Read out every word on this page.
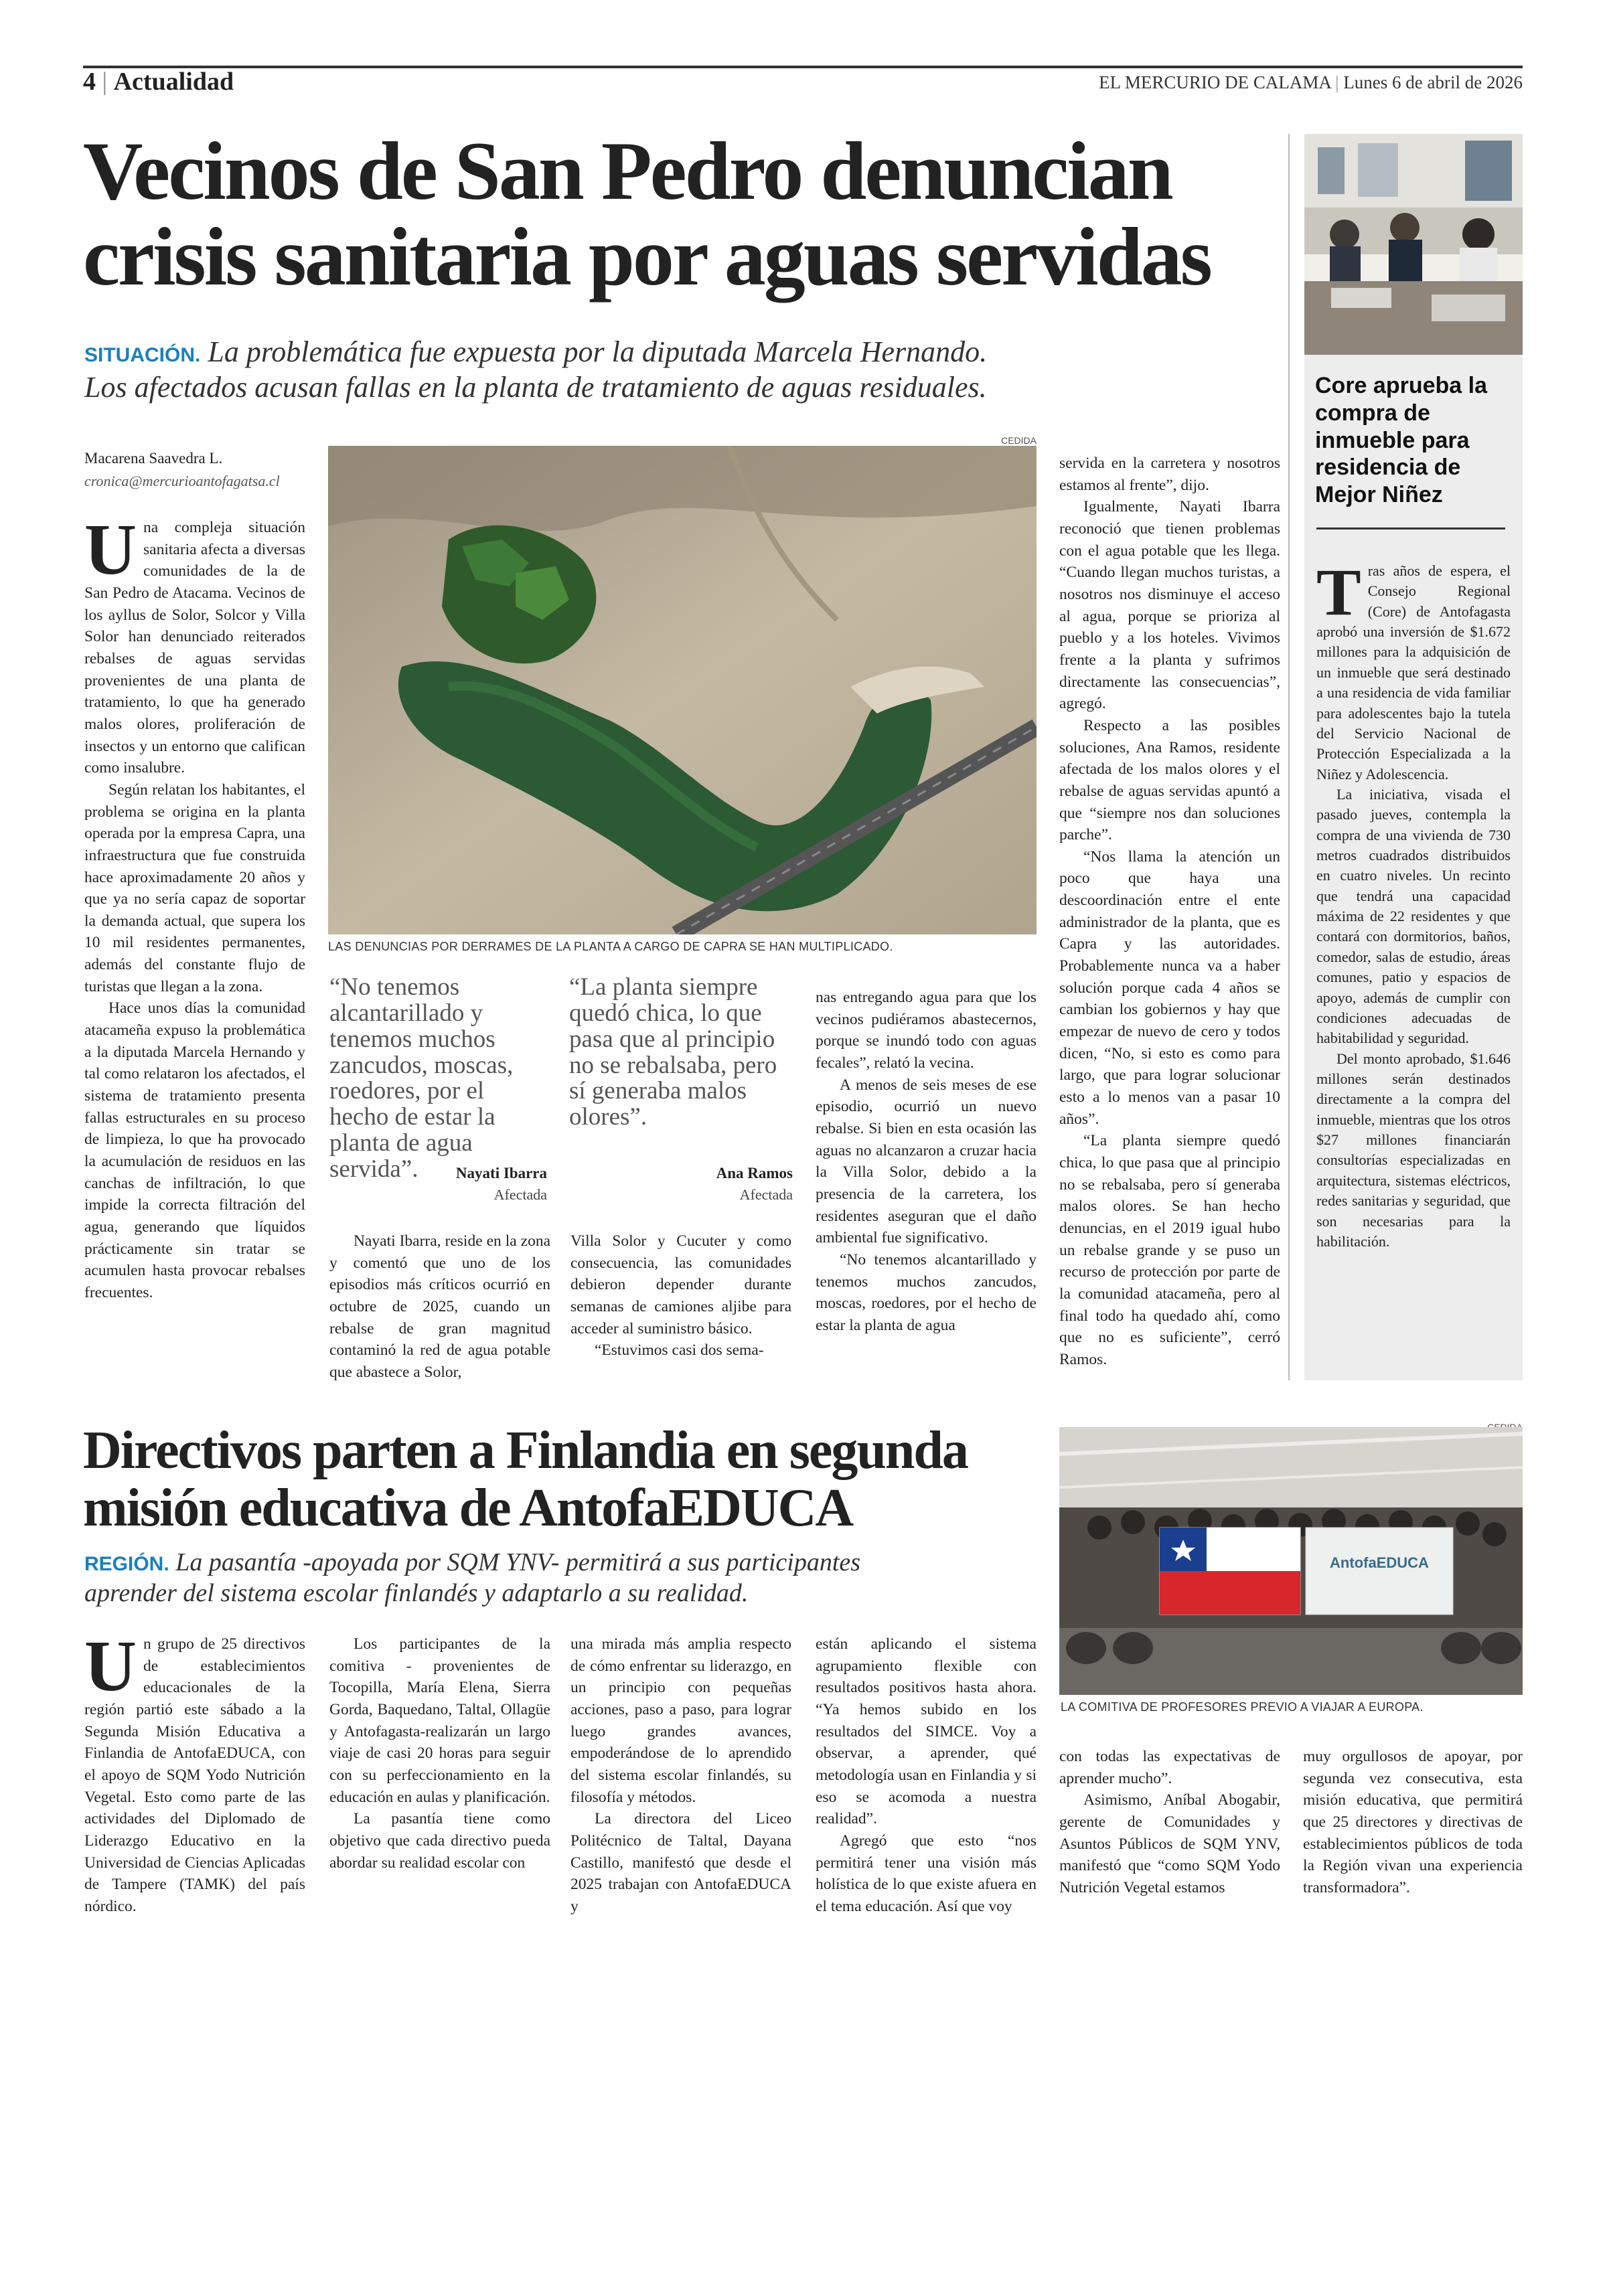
4 | Actualidad	EL MERCURIO DE CALAMA | Lunes 6 de abril de 2026
Vecinos de San Pedro denuncian
crisis sanitaria por aguas servidas
SITUACIÓN. La problemática fue expuesta por la diputada Marcela Hernando.
Los afectados acusan fallas en la planta de tratamiento de aguas residuales.
Macarena Saavedra L.
cronica@mercurioantofagatsa.cl

Una compleja situación sanitaria afecta a diversas comunidades de la de San Pedro de Atacama. Vecinos de los ayllus de Solor, Solcor y Villa Solor han denunciado reiterados rebalses de aguas servidas provenientes de una planta de tratamiento, lo que ha generado malos olores, proliferación de insectos y un entorno que califican como insalubre.

Según relatan los habitantes, el problema se origina en la planta operada por la empresa Capra, una infraestructura que fue construida hace aproximadamente 20 años y que ya no sería capaz de soportar la demanda actual, que supera los 10 mil residentes permanentes, además del constante flujo de turistas que llegan a la zona.

Hace unos días la comunidad atacameña expuso la problemática a la diputada Marcela Hernando y tal como relataron los afectados, el sistema de tratamiento presenta fallas estructurales en su proceso de limpieza, lo que ha provocado la acumulación de residuos en las canchas de infiltración, lo que impide la correcta filtración del agua, generando que líquidos prácticamente sin tratar se acumulen hasta provocar rebalses frecuentes.

CEDIDA
LAS DENUNCIAS POR DERRAMES DE LA PLANTA A CARGO DE CAPRA SE HAN MULTIPLICADO.
“No tenemos alcantarillado y tenemos muchos zancudos, moscas, roedores, por el hecho de estar la planta de agua servida”.	Nayati Ibarra
Afectada
“La planta siempre quedó chica, lo que pasa que al principio no se rebalsaba, pero sí generaba malos olores”.
Ana Ramos
Afectada

Nayati Ibarra, reside en la zona y comentó que uno de los episodios más críticos ocurrió en octubre de 2025, cuando un rebalse de gran magnitud contaminó la red de agua potable que abastece a Solor,

Villa Solor y Cucuter y como consecuencia, las comunidades debieron depender durante semanas de camiones aljibe para acceder al suministro básico.

“Estuvimos casi dos sema-

nas entregando agua para que los vecinos pudiéramos abastecernos, porque se inundó todo con aguas fecales”, relató la vecina.

A menos de seis meses de ese episodio, ocurrió un nuevo rebalse. Si bien en esta ocasión las aguas no alcanzaron a cruzar hacia la Villa Solor, debido a la presencia de la carretera, los residentes aseguran que el daño ambiental fue significativo.

“No tenemos alcantarillado y tenemos muchos zancudos, moscas, roedores, por el hecho de estar la planta de agua

servida en la carretera y nosotros estamos al frente”, dijo.

Igualmente, Nayati Ibarra reconoció que tienen problemas con el agua potable que les llega. “Cuando llegan muchos turistas, a nosotros nos disminuye el acceso al agua, porque se prioriza al pueblo y a los hoteles. Vivimos frente a la planta y sufrimos directamente las consecuencias”, agregó.

Respecto a las posibles soluciones, Ana Ramos, residente afectada de los malos olores y el rebalse de aguas servidas apuntó a que “siempre nos dan soluciones parche”.

“Nos llama la atención un poco que haya una descoordinación entre el ente administrador de la planta, que es Capra y las autoridades. Probablemente nunca va a haber solución porque cada 4 años se cambian los gobiernos y hay que empezar de nuevo de cero y todos dicen, “No, si esto es como para largo, que para lograr solucionar esto a lo menos van a pasar 10 años”.

“La planta siempre quedó chica, lo que pasa que al principio no se rebalsaba, pero sí generaba malos olores. Se han hecho denuncias, en el 2019 igual hubo un rebalse grande y se puso un recurso de protección por parte de la comunidad atacameña, pero al final todo ha quedado ahí, como que no es suficiente”, cerró Ramos.

Core aprueba la compra de inmueble para residencia de Mejor Niñez

Tras años de espera, el Consejo Regional (Core) de Antofagasta aprobó una inversión de $1.672 millones para la adquisición de un inmueble que será destinado a una residencia de vida familiar para adolescentes bajo la tutela del Servicio Nacional de Protección Especializada a la Niñez y Adolescencia.

La iniciativa, visada el pasado jueves, contempla la compra de una vivienda de 730 metros cuadrados distribuidos en cuatro niveles. Un recinto que tendrá una capacidad máxima de 22 residentes y que contará con dormitorios, baños, comedor, salas de estudio, áreas comunes, patio y espacios de apoyo, además de cumplir con condiciones adecuadas de habitabilidad y seguridad.

Del monto aprobado, $1.646 millones serán destinados directamente a la compra del inmueble, mientras que los otros $27 millones financiarán consultorías especializadas en arquitectura, sistemas eléctricos, redes sanitarias y seguridad, que son necesarias para la habilitación.

Directivos parten a Finlandia en segunda
misión educativa de AntofaEDUCA
REGIÓN. La pasantía -apoyada por SQM YNV- permitirá a sus participantes
aprender del sistema escolar finlandés y adaptarlo a su realidad.
AntofaEDUCA
LA COMITIVA DE PROFESORES PREVIO A VIAJAR A EUROPA.

Un grupo de 25 directivos de establecimientos educacionales de la región partió este sábado a la Segunda Misión Educativa a Finlandia de AntofaEDUCA, con el apoyo de SQM Yodo Nutrición Vegetal. Esto como parte de las actividades del Diplomado de Liderazgo Educativo en la Universidad de Ciencias Aplicadas de Tampere (TAMK) del país nórdico.

Los participantes de la comitiva - provenientes de Tocopilla, María Elena, Sierra Gorda, Baquedano, Taltal, Ollagüe y Antofagasta-realizarán un largo viaje de casi 20 horas para seguir con su perfeccionamiento en la educación en aulas y planificación.

La pasantía tiene como objetivo que cada directivo pueda abordar su realidad escolar con

una mirada más amplia respecto de cómo enfrentar su liderazgo, en un principio con pequeñas acciones, paso a paso, para lograr luego grandes avances, empoderándose de lo aprendido del sistema escolar finlandés, su filosofía y métodos.

La directora del Liceo Politécnico de Taltal, Dayana Castillo, manifestó que desde el 2025 trabajan con AntofaEDUCA y

están aplicando el sistema agrupamiento flexible con resultados positivos hasta ahora. “Ya hemos subido en los resultados del SIMCE. Voy a observar, a aprender, qué metodología usan en Finlandia y si eso se acomoda a nuestra realidad”.

Agregó que esto “nos permitirá tener una visión más holística de lo que existe afuera en el tema educación. Así que voy

con todas las expectativas de aprender mucho”.

Asimismo, Aníbal Abogabir, gerente de Comunidades y Asuntos Públicos de SQM YNV, manifestó que “como SQM Yodo Nutrición Vegetal estamos

muy orgullosos de apoyar, por segunda vez consecutiva, esta misión educativa, que permitirá que 25 directores y directivas de establecimientos públicos de toda la Región vivan una experiencia transformadora”.
